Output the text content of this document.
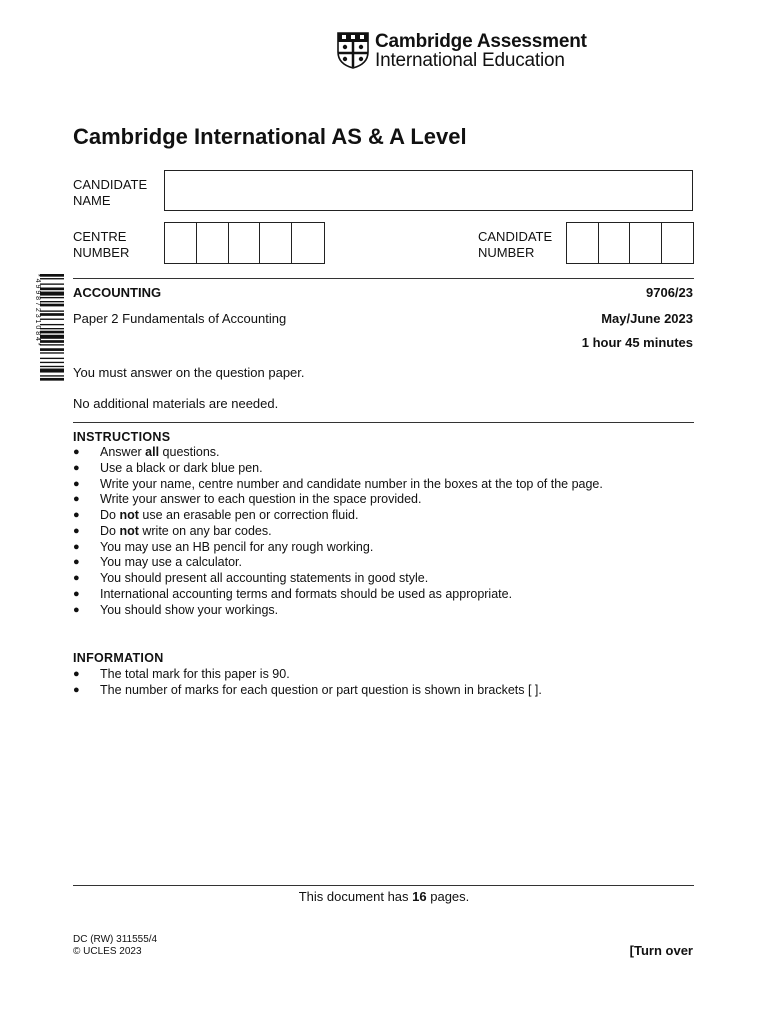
Cambridge Assessment
International Education
Cambridge International AS & A Level
CANDIDATE
NAME
CENTRE
NUMBER
CANDIDATE
NUMBER
* 4 9 9 8 7 2 3 1 0 8 4 * ACCOUNTING	9706/23
Paper 2 Fundamentals of Accounting	May/June 2023
1 hour 45 minutes
You must answer on the question paper.
No additional materials are needed.
INSTRUCTIONS
● Answer all questions.
● Use a black or dark blue pen.
● Write your name, centre number and candidate number in the boxes at the top of the page.
● Write your answer to each question in the space provided.
● Do not use an erasable pen or correction fluid.
● Do not write on any bar codes.
● You may use an HB pencil for any rough working.
● You may use a calculator.
● You should present all accounting statements in good style.
● International accounting terms and formats should be used as appropriate.
● You should show your workings.
INFORMATION
● The total mark for this paper is 90.
● The number of marks for each question or part question is shown in brackets [ ].
This document has 16 pages.
DC (RW) 311555/4
© UCLES 2023	[Turn over
